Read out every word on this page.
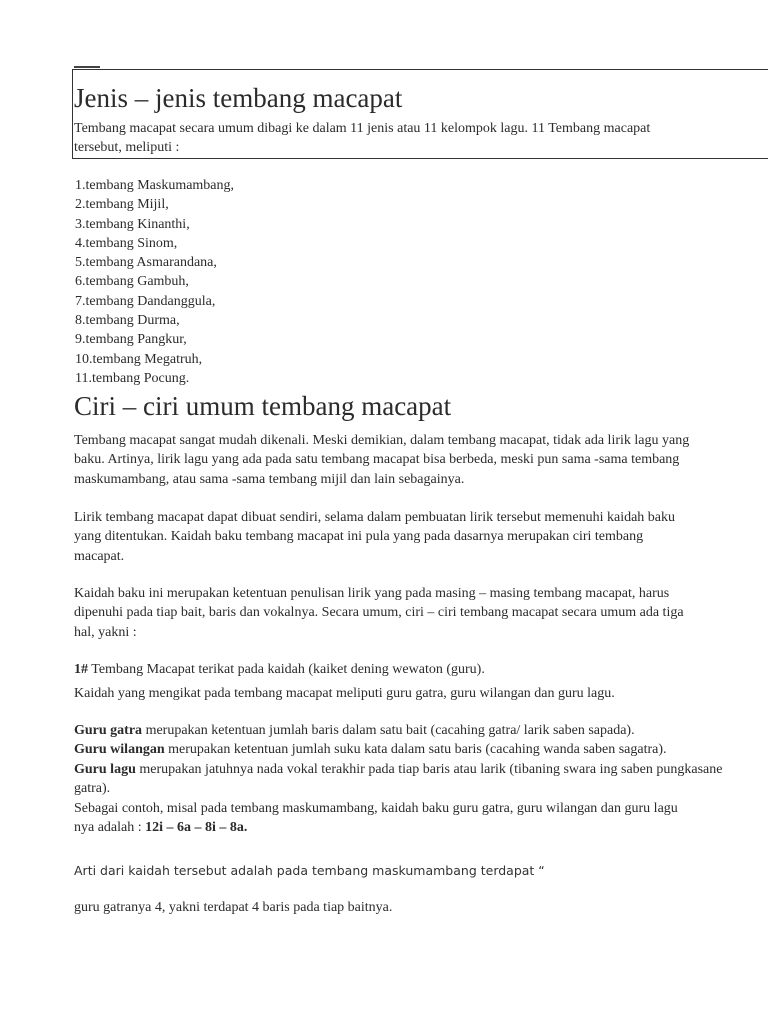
Jenis – jenis tembang macapat
Tembang macapat secara umum dibagi ke dalam 11 jenis atau 11 kelompok lagu. 11 Tembang macapat tersebut, meliputi :
1.tembang Maskumambang,
2.tembang Mijil,
3.tembang Kinanthi,
4.tembang Sinom,
5.tembang Asmarandana,
6.tembang Gambuh,
7.tembang Dandanggula,
8.tembang Durma,
9.tembang Pangkur,
10.tembang Megatruh,
11.tembang Pocung.
Ciri – ciri umum tembang macapat
Tembang macapat sangat mudah dikenali. Meski demikian, dalam tembang macapat, tidak ada lirik lagu yang baku. Artinya, lirik lagu yang ada pada satu tembang macapat bisa berbeda, meski pun sama -sama tembang maskumambang, atau sama -sama tembang mijil dan lain sebagainya.
Lirik tembang macapat dapat dibuat sendiri, selama dalam pembuatan lirik tersebut memenuhi kaidah baku yang ditentukan. Kaidah baku tembang macapat ini pula yang pada dasarnya merupakan ciri tembang macapat.
Kaidah baku ini merupakan ketentuan penulisan lirik yang pada masing – masing tembang macapat, harus dipenuhi pada tiap bait, baris dan vokalnya. Secara umum, ciri – ciri tembang macapat secara umum ada tiga hal, yakni :
1# Tembang Macapat terikat pada kaidah (kaiket dening wewaton (guru).
Kaidah yang mengikat pada tembang macapat meliputi guru gatra, guru wilangan dan guru lagu.
Guru gatra merupakan ketentuan jumlah baris dalam satu bait (cacahing gatra/ larik saben sapada).
Guru wilangan merupakan ketentuan jumlah suku kata dalam satu baris (cacahing wanda saben sagatra).
Guru lagu merupakan jatuhnya nada vokal terakhir pada tiap baris atau larik (tibaning swara ing saben pungkasane gatra).
Sebagai contoh, misal pada tembang maskumambang, kaidah baku guru gatra, guru wilangan dan guru lagu nya adalah : 12i – 6a – 8i – 8a.
Arti dari kaidah tersebut adalah pada tembang maskumambang terdapat “
guru gatranya 4, yakni terdapat 4 baris pada tiap baitnya.
